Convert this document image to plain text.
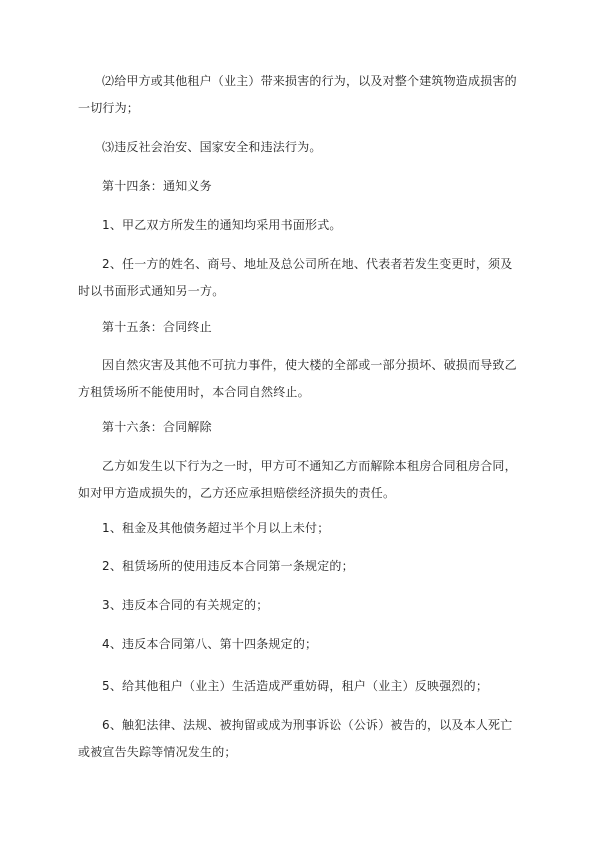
⑵给甲方或其他租户（业主）带来损害的行为，以及对整个建筑物造成损害的一切行为；
⑶违反社会治安、国家安全和违法行为。
第十四条：通知义务
1、甲乙双方所发生的通知均采用书面形式。
2、任一方的姓名、商号、地址及总公司所在地、代表者若发生变更时，须及时以书面形式通知另一方。
第十五条：合同终止
因自然灾害及其他不可抗力事件，使大楼的全部或一部分损坏、破损而导致乙方租赁场所不能使用时，本合同自然终止。
第十六条：合同解除
乙方如发生以下行为之一时，甲方可不通知乙方而解除本租房合同租房合同，如对甲方造成损失的，乙方还应承担赔偿经济损失的责任。
1、租金及其他债务超过半个月以上未付；
2、租赁场所的使用违反本合同第一条规定的；
3、违反本合同的有关规定的；
4、违反本合同第八、第十四条规定的；
5、给其他租户（业主）生活造成严重妨碍，租户（业主）反映强烈的；
6、触犯法律、法规、被拘留或成为刑事诉讼（公诉）被告的，以及本人死亡或被宣告失踪等情况发生的；
